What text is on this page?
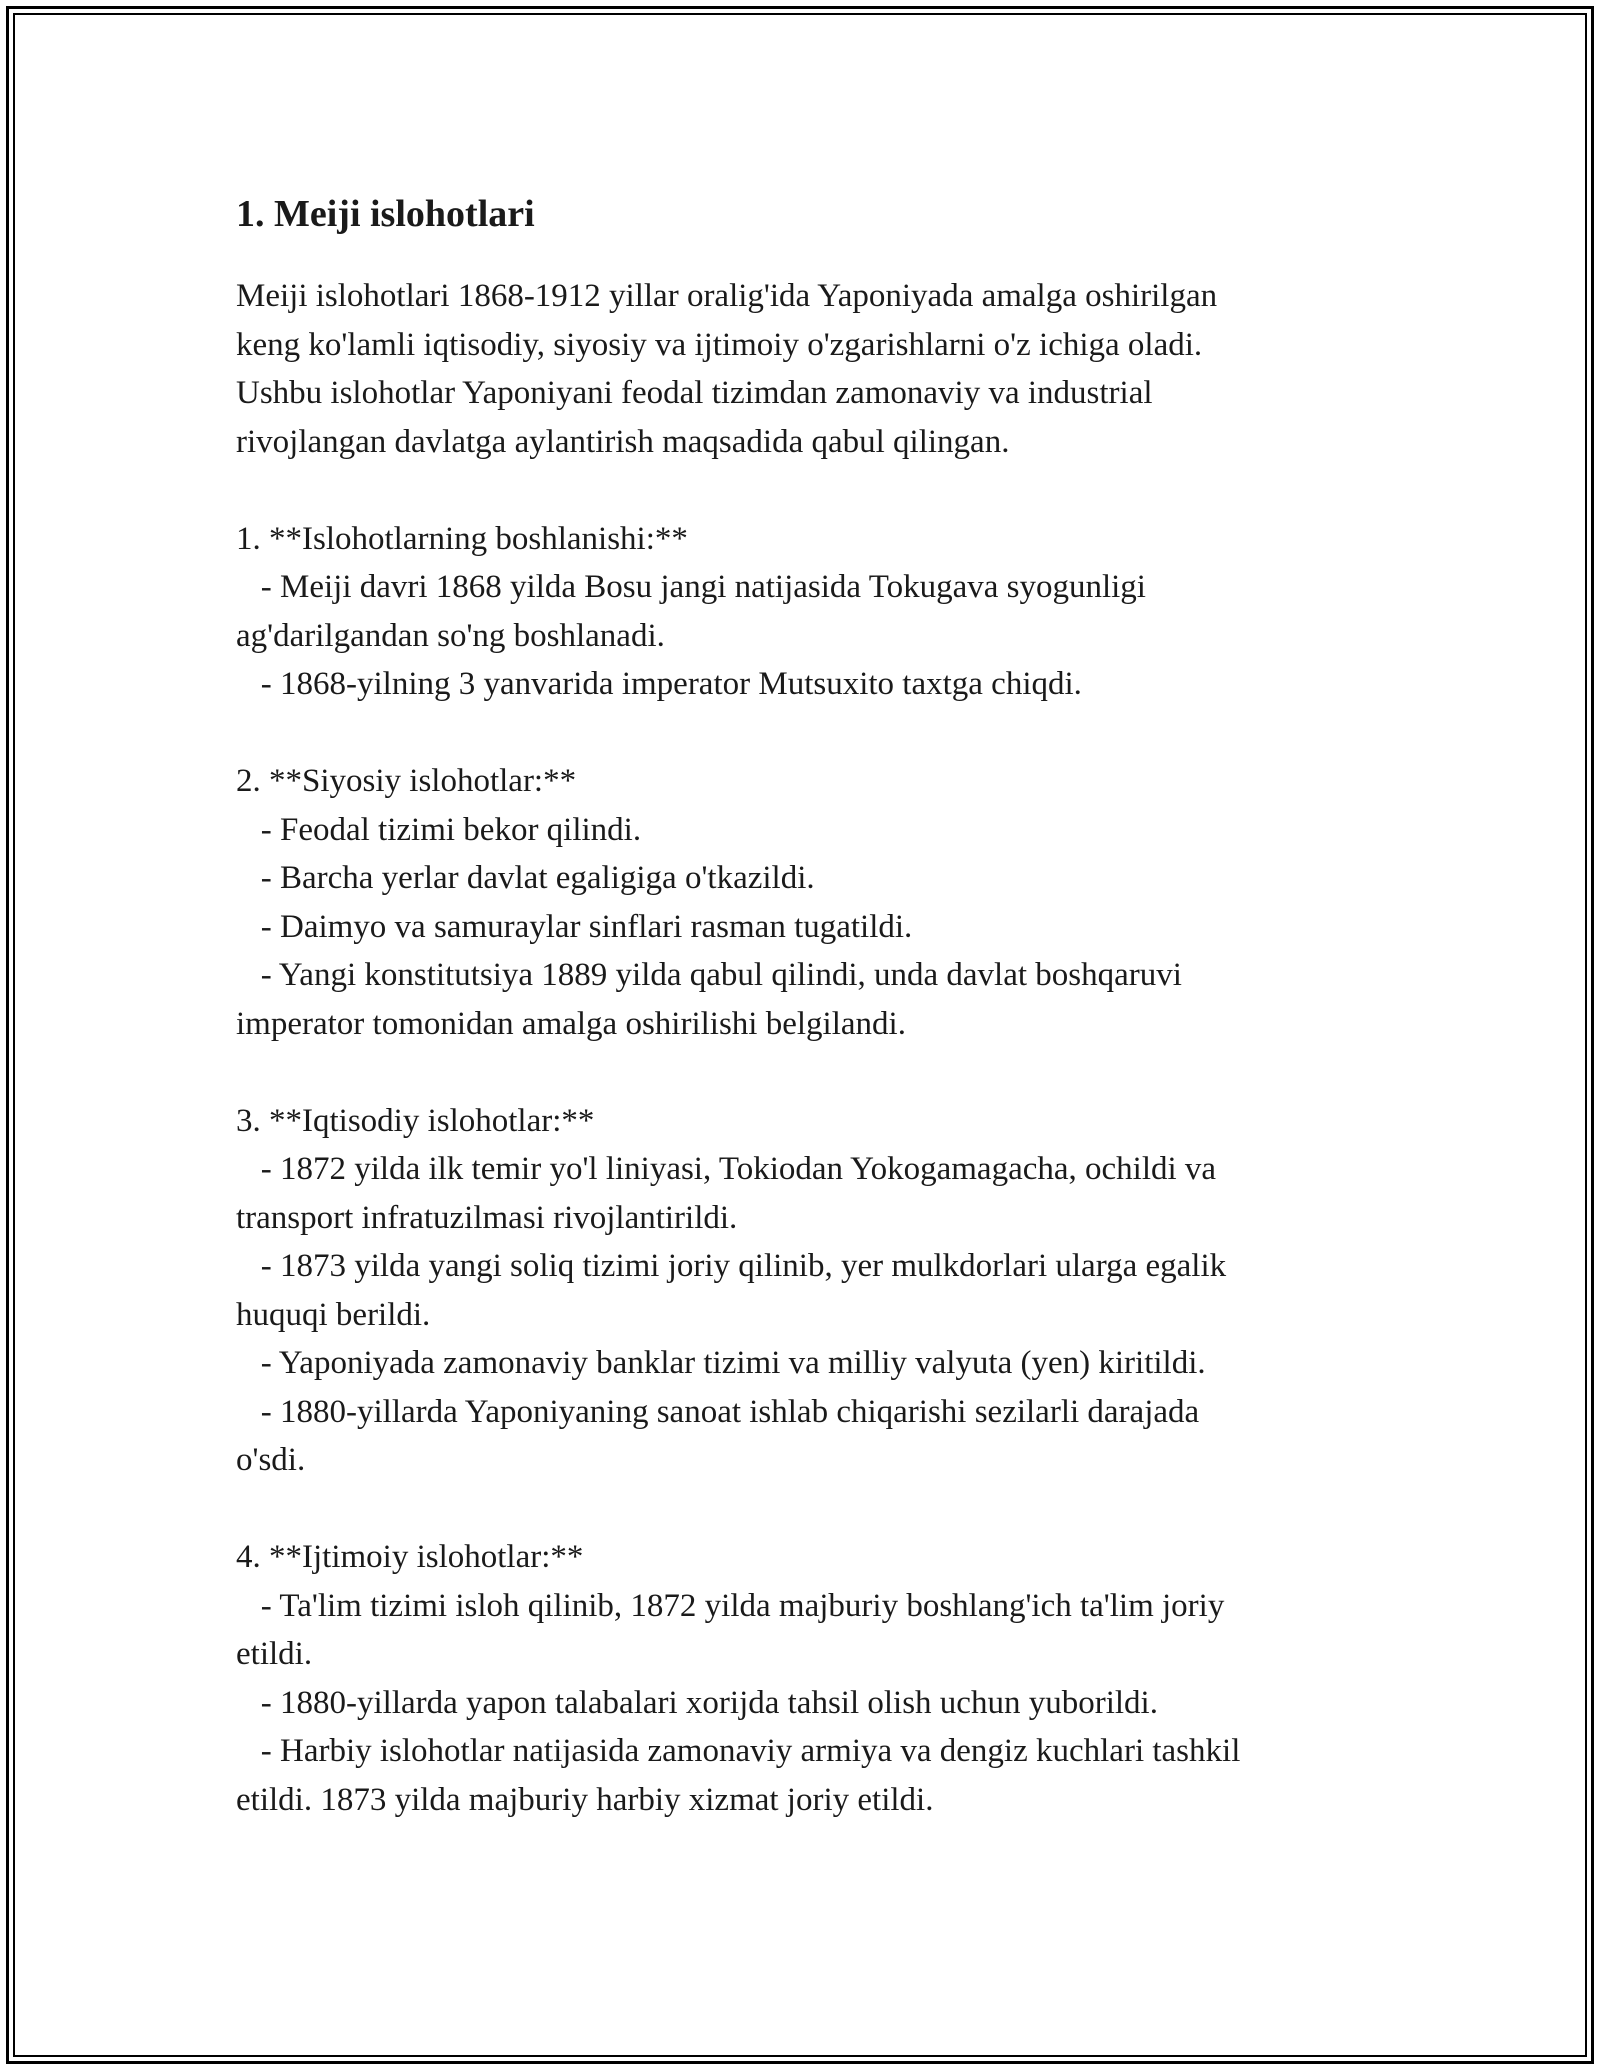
1. Meiji islohotlari

Meiji islohotlari 1868-1912 yillar oralig'ida Yaponiyada amalga oshirilgan
keng ko'lamli iqtisodiy, siyosiy va ijtimoiy o'zgarishlarni o'z ichiga oladi.
Ushbu islohotlar Yaponiyani feodal tizimdan zamonaviy va industrial
rivojlangan davlatga aylantirish maqsadida qabul qilingan.

1. **Islohotlarning boshlanishi:**

- Meiji davri 1868 yilda Bosu jangi natijasida Tokugava syogunligi
ag'darilgandan so'ng boshlanadi.

- 1868-yilning 3 yanvarida imperator Mutsuxito taxtga chiqdi.

2. **Siyosiy islohotlar:**

- Feodal tizimi bekor qilindi.

- Barcha yerlar davlat egaligiga o'tkazildi.

- Daimyo va samuraylar sinflari rasman tugatildi.

- Yangi konstitutsiya 1889 yilda qabul qilindi, unda davlat boshqaruvi
imperator tomonidan amalga oshirilishi belgilandi.

3. **Iqtisodiy islohotlar:**

- 1872 yilda ilk temir yo'l liniyasi, Tokiodan Yokogamagacha, ochildi va
transport infratuzilmasi rivojlantirildi.

- 1873 yilda yangi soliq tizimi joriy qilinib, yer mulkdorlari ularga egalik
huquqi berildi.

- Yaponiyada zamonaviy banklar tizimi va milliy valyuta (yen) kiritildi.

- 1880-yillarda Yaponiyaning sanoat ishlab chiqarishi sezilarli darajada
o'sdi.

4. **Ijtimoiy islohotlar:**

- Ta'lim tizimi isloh qilinib, 1872 yilda majburiy boshlang'ich ta'lim joriy
etildi.

- 1880-yillarda yapon talabalari xorijda tahsil olish uchun yuborildi.

- Harbiy islohotlar natijasida zamonaviy armiya va dengiz kuchlari tashkil
etildi. 1873 yilda majburiy harbiy xizmat joriy etildi.
